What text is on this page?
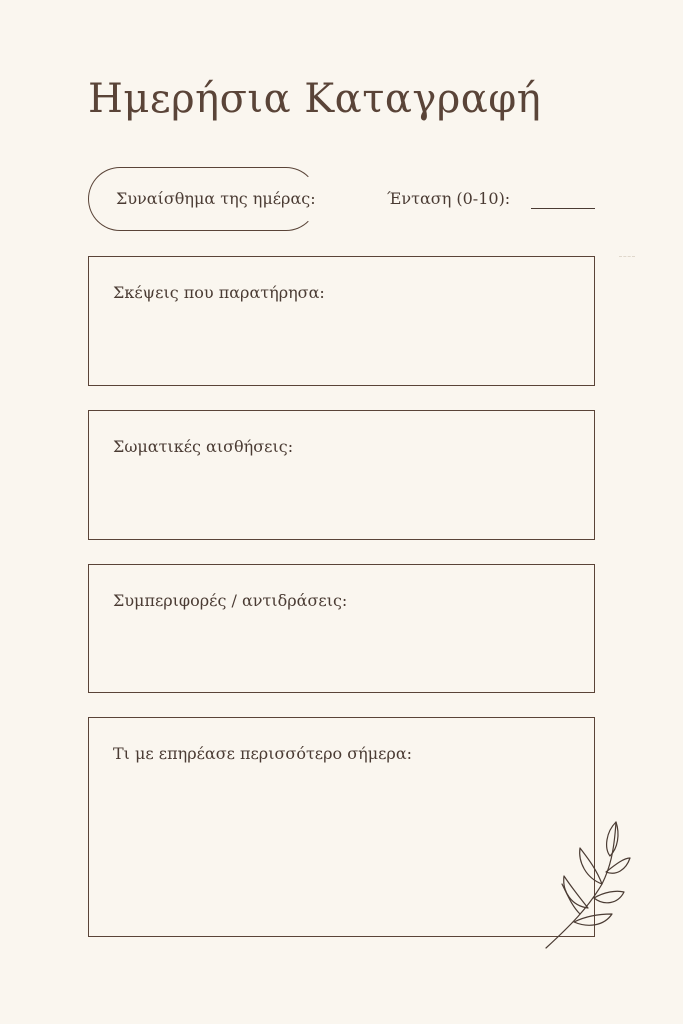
Ημερήσια Καταγραφή
Συναίσθημα της ημέρας:	Ένταση (0-10):
Σκέψεις που παρατήρησα:
Σωματικές αισθήσεις:
Συμπεριφορές / αντιδράσεις:
Τι με επηρέασε περισσότερο σήμερα:
